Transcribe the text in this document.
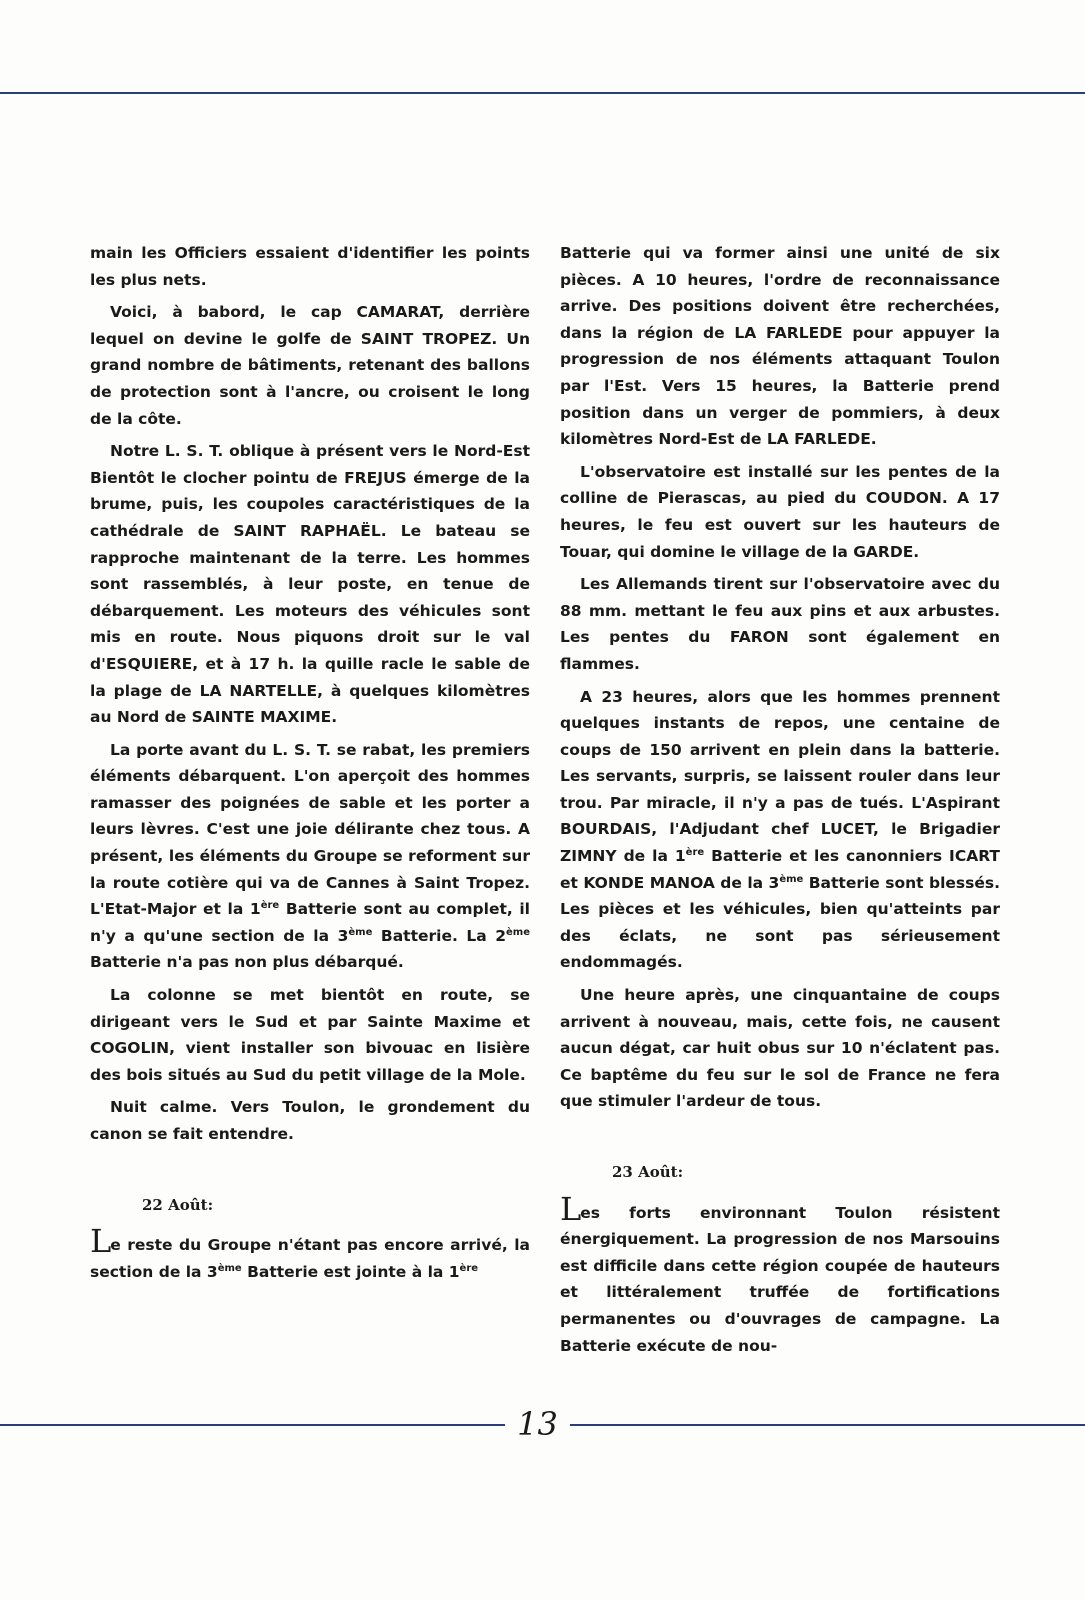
main les Officiers essaient d'identifier les points les plus nets.

Voici, à babord, le cap CAMARAT, derrière lequel on devine le golfe de SAINT TROPEZ. Un grand nombre de bâtiments, retenant des ballons de protection sont à l'ancre, ou croisent le long de la côte.

Notre L. S. T. oblique à présent vers le Nord-Est Bientôt le clocher pointu de FREJUS émerge de la brume, puis, les coupoles caractéristiques de la cathédrale de SAINT RAPHAËL. Le bateau se rapproche maintenant de la terre. Les hommes sont rassemblés, à leur poste, en tenue de débarquement. Les moteurs des véhicules sont mis en route. Nous piquons droit sur le val d'ESQUIERE, et à 17 h. la quille racle le sable de la plage de LA NARTELLE, à quelques kilomètres au Nord de SAINTE MAXIME.

La porte avant du L. S. T. se rabat, les premiers éléments débarquent. L'on aperçoit des hommes ramasser des poignées de sable et les porter a leurs lèvres. C'est une joie délirante chez tous. A présent, les éléments du Groupe se reforment sur la route cotière qui va de Cannes à Saint Tropez. L'Etat-Major et la 1ère Batterie sont au complet, il n'y a qu'une section de la 3ème Batterie. La 2ème Batterie n'a pas non plus débarqué.

La colonne se met bientôt en route, se dirigeant vers le Sud et par Sainte Maxime et COGOLIN, vient installer son bivouac en lisière des bois situés au Sud du petit village de la Mole.

Nuit calme. Vers Toulon, le grondement du canon se fait entendre.

22 Août:

Le reste du Groupe n'étant pas encore arrivé, la section de la 3ème Batterie est jointe à la 1ère

Batterie qui va former ainsi une unité de six pièces. A 10 heures, l'ordre de reconnaissance arrive. Des positions doivent être recherchées, dans la région de LA FARLEDE pour appuyer la progression de nos éléments attaquant Toulon par l'Est. Vers 15 heures, la Batterie prend position dans un verger de pommiers, à deux kilomètres Nord-Est de LA FARLEDE.

L'observatoire est installé sur les pentes de la colline de Pierascas, au pied du COUDON. A 17 heures, le feu est ouvert sur les hauteurs de Touar, qui domine le village de la GARDE.

Les Allemands tirent sur l'observatoire avec du 88 mm. mettant le feu aux pins et aux arbustes. Les pentes du FARON sont également en flammes.

A 23 heures, alors que les hommes prennent quelques instants de repos, une centaine de coups de 150 arrivent en plein dans la batterie. Les servants, surpris, se laissent rouler dans leur trou. Par miracle, il n'y a pas de tués. L'Aspirant BOURDAIS, l'Adjudant chef LUCET, le Brigadier ZIMNY de la 1ère Batterie et les canonniers ICART et KONDE MANOA de la 3ème Batterie sont blessés. Les pièces et les véhicules, bien qu'atteints par des éclats, ne sont pas sérieusement endommagés.

Une heure après, une cinquantaine de coups arrivent à nouveau, mais, cette fois, ne causent aucun dégat, car huit obus sur 10 n'éclatent pas. Ce baptême du feu sur le sol de France ne fera que stimuler l'ardeur de tous.

23 Août:

Les forts environnant Toulon résistent énergiquement. La progression de nos Marsouins est difficile dans cette région coupée de hauteurs et littéralement truffée de fortifications permanentes ou d'ouvrages de campagne. La Batterie exécute de nou-

13
